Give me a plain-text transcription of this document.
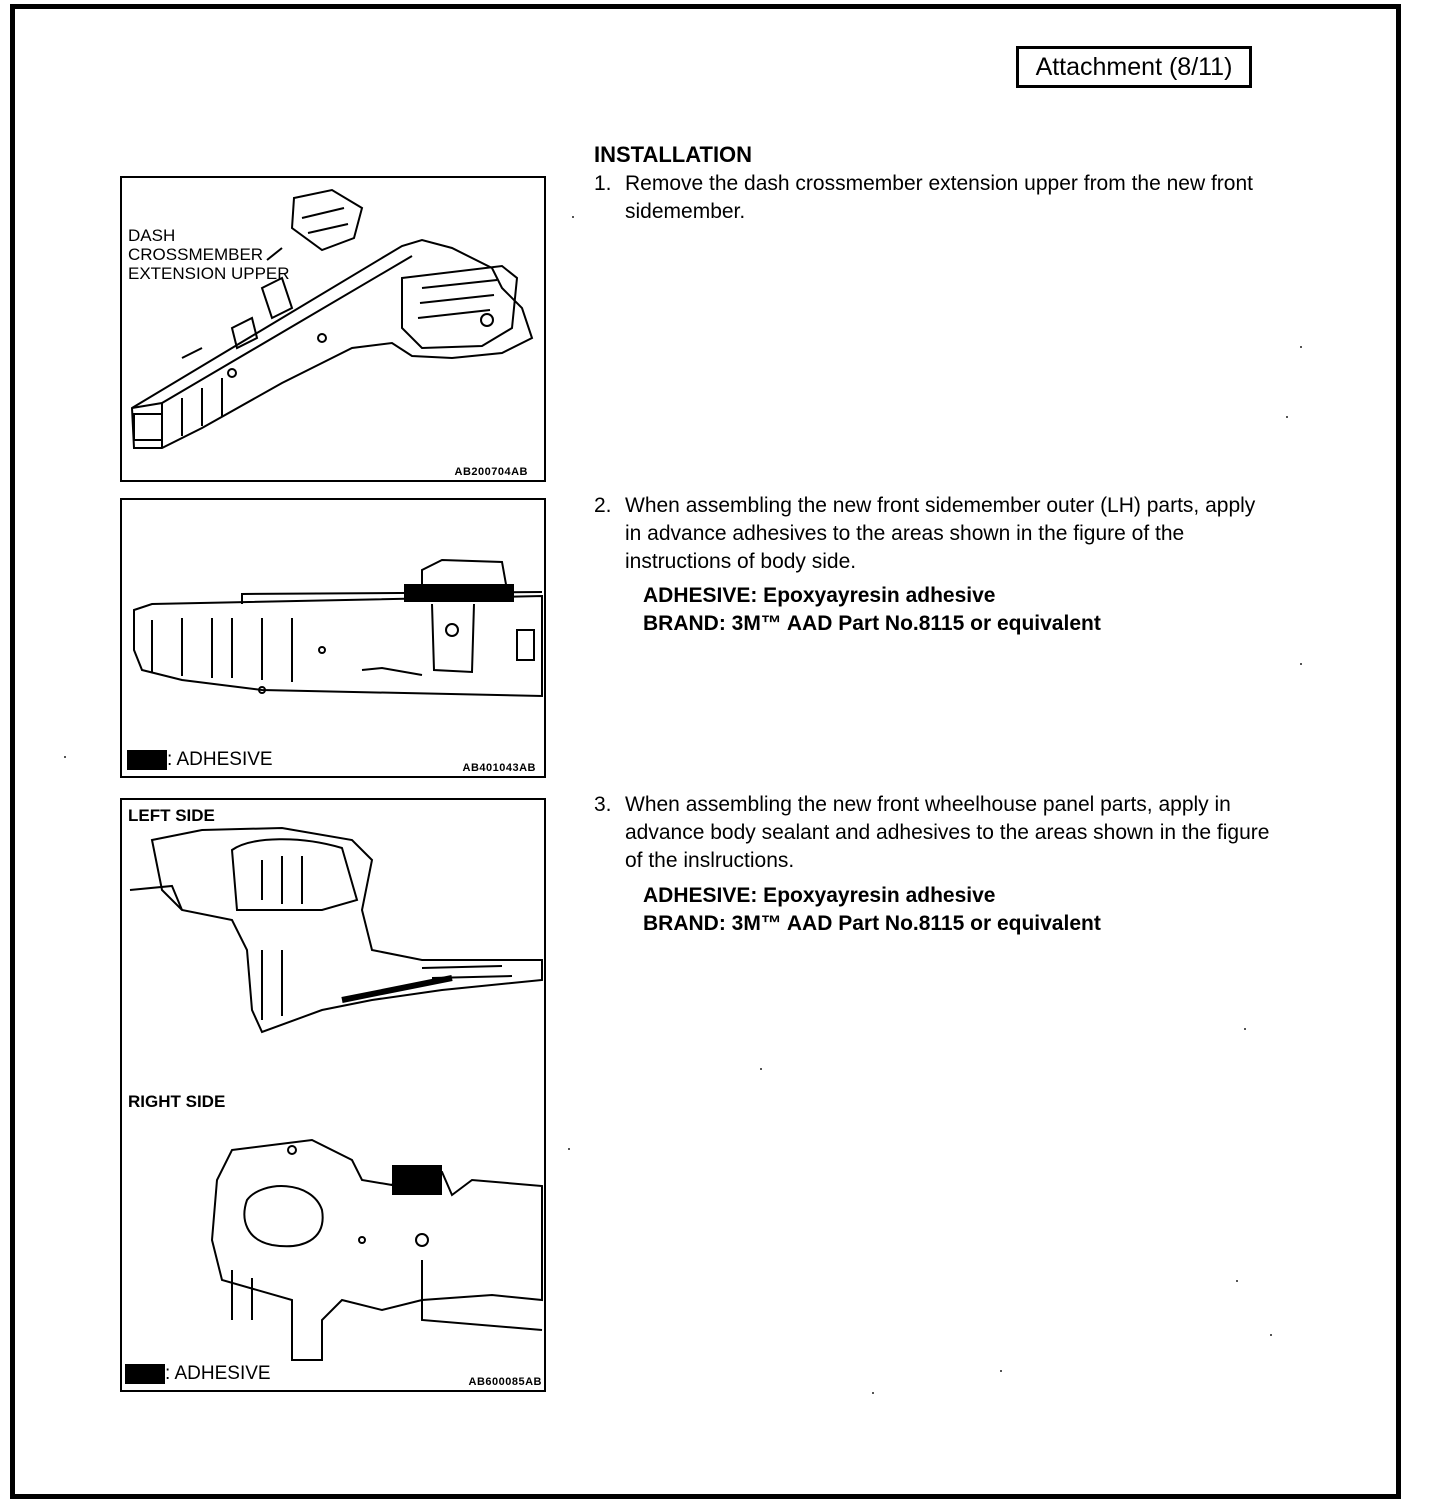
Attachment (8/11)
DASH
CROSSMEMBER
EXTENSION UPPER
AB200704AB
: ADHESIVE	AB401043AB
LEFT SIDE
RIGHT SIDE
: ADHESIVE	AB600085AB
INSTALLATION
1. Remove the dash crossmember extension upper from the new front sidemember.
2. When assembling the new front sidemember outer (LH) parts, apply in advance adhesives to the areas shown in the figure of the instructions of body side.
ADHESIVE: Epoxyayresin adhesive
BRAND: 3M™ AAD Part No.8115 or equivalent
3. When assembling the new front wheelhouse panel parts, apply in advance body sealant and adhesives to the areas shown in the figure of the inslructions.
ADHESIVE: Epoxyayresin adhesive
BRAND: 3M™ AAD Part No.8115 or equivalent
